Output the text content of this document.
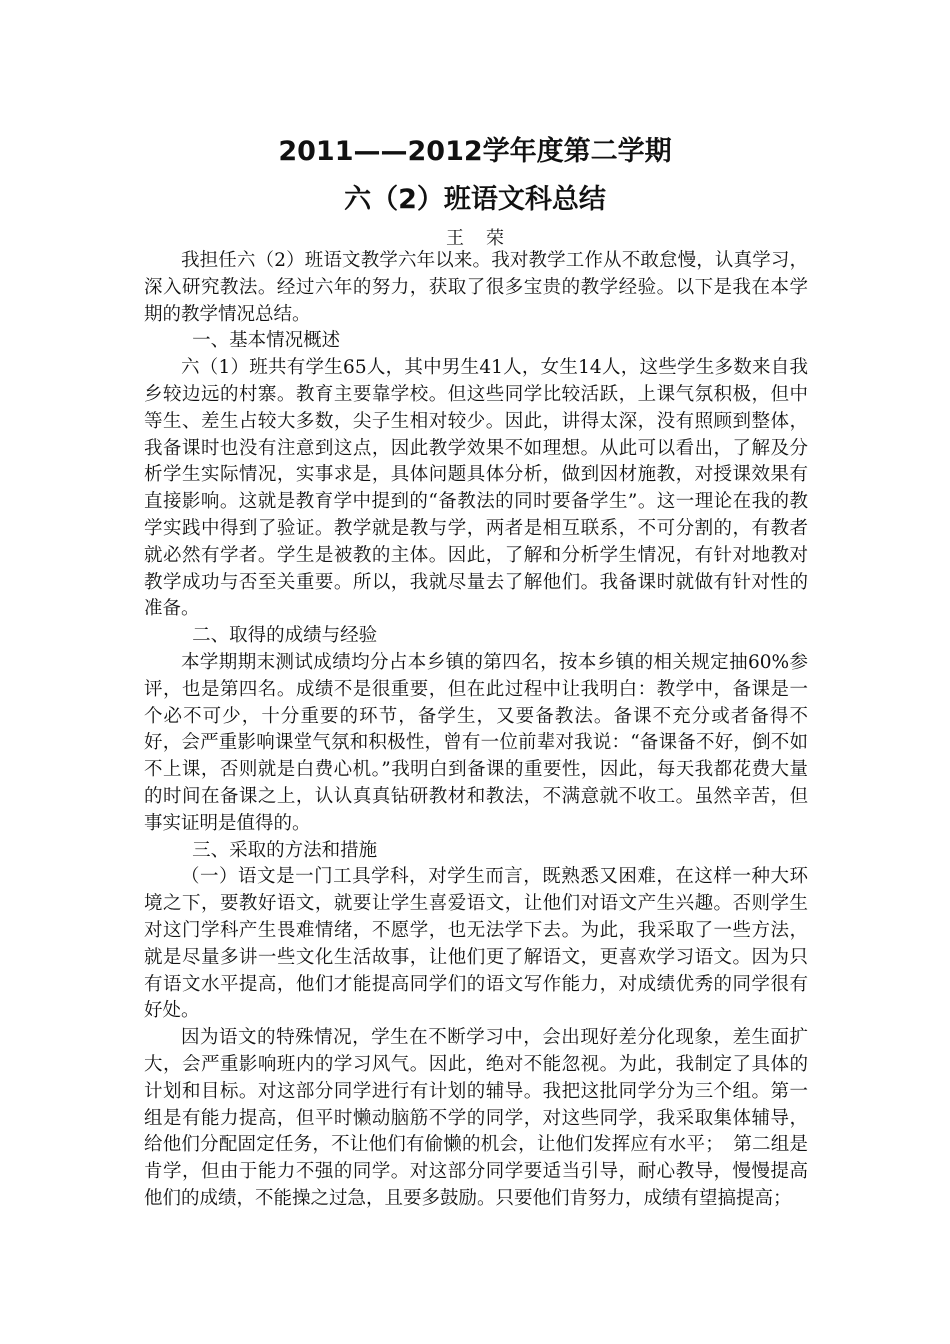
2011——2012学年度第二学期
六（2）班语文科总结

王荣

我担任六（2）班语文教学六年以来。我对教学工作从不敢怠慢，认真学习，深入研究教法。经过六年的努力，获取了很多宝贵的教学经验。以下是我在本学期的教学情况总结。

一、基本情况概述

六（1）班共有学生65人，其中男生41人，女生14人，这些学生多数来自我乡较边远的村寨。教育主要靠学校。但这些同学比较活跃，上课气氛积极，但中等生、差生占较大多数，尖子生相对较少。因此，讲得太深，没有照顾到整体，我备课时也没有注意到这点，因此教学效果不如理想。从此可以看出，了解及分析学生实际情况，实事求是，具体问题具体分析，做到因材施教，对授课效果有直接影响。这就是教育学中提到的“备教法的同时要备学生”。这一理论在我的教学实践中得到了验证。教学就是教与学，两者是相互联系，不可分割的，有教者就必然有学者。学生是被教的主体。因此，了解和分析学生情况，有针对地教对教学成功与否至关重要。所以，我就尽量去了解他们。我备课时就做有针对性的准备。

二、取得的成绩与经验

本学期期末测试成绩均分占本乡镇的第四名，按本乡镇的相关规定抽60%参评，也是第四名。成绩不是很重要，但在此过程中让我明白：教学中，备课是一个必不可少，十分重要的环节，备学生，又要备教法。备课不充分或者备得不好，会严重影响课堂气氛和积极性，曾有一位前辈对我说：“备课备不好，倒不如不上课，否则就是白费心机。”我明白到备课的重要性，因此，每天我都花费大量的时间在备课之上，认认真真钻研教材和教法，不满意就不收工。虽然辛苦，但事实证明是值得的。

三、采取的方法和措施

（一）语文是一门工具学科，对学生而言，既熟悉又困难，在这样一种大环境之下，要教好语文，就要让学生喜爱语文，让他们对语文产生兴趣。否则学生对这门学科产生畏难情绪，不愿学，也无法学下去。为此，我采取了一些方法，就是尽量多讲一些文化生活故事，让他们更了解语文，更喜欢学习语文。因为只有语文水平提高，他们才能提高同学们的语文写作能力，对成绩优秀的同学很有好处。

因为语文的特殊情况，学生在不断学习中，会出现好差分化现象，差生面扩大，会严重影响班内的学习风气。因此，绝对不能忽视。为此，我制定了具体的计划和目标。对这部分同学进行有计划的辅导。我把这批同学分为三个组。第一组是有能力提高，但平时懒动脑筋不学的同学，对这些同学，我采取集体辅导，给他们分配固定任务，不让他们有偷懒的机会，让他们发挥应有水平；　第二组是肯学，但由于能力不强的同学。对这部分同学要适当引导，耐心教导，慢慢提高他们的成绩，不能操之过急，且要多鼓励。只要他们肯努力，成绩有望搞提高；
